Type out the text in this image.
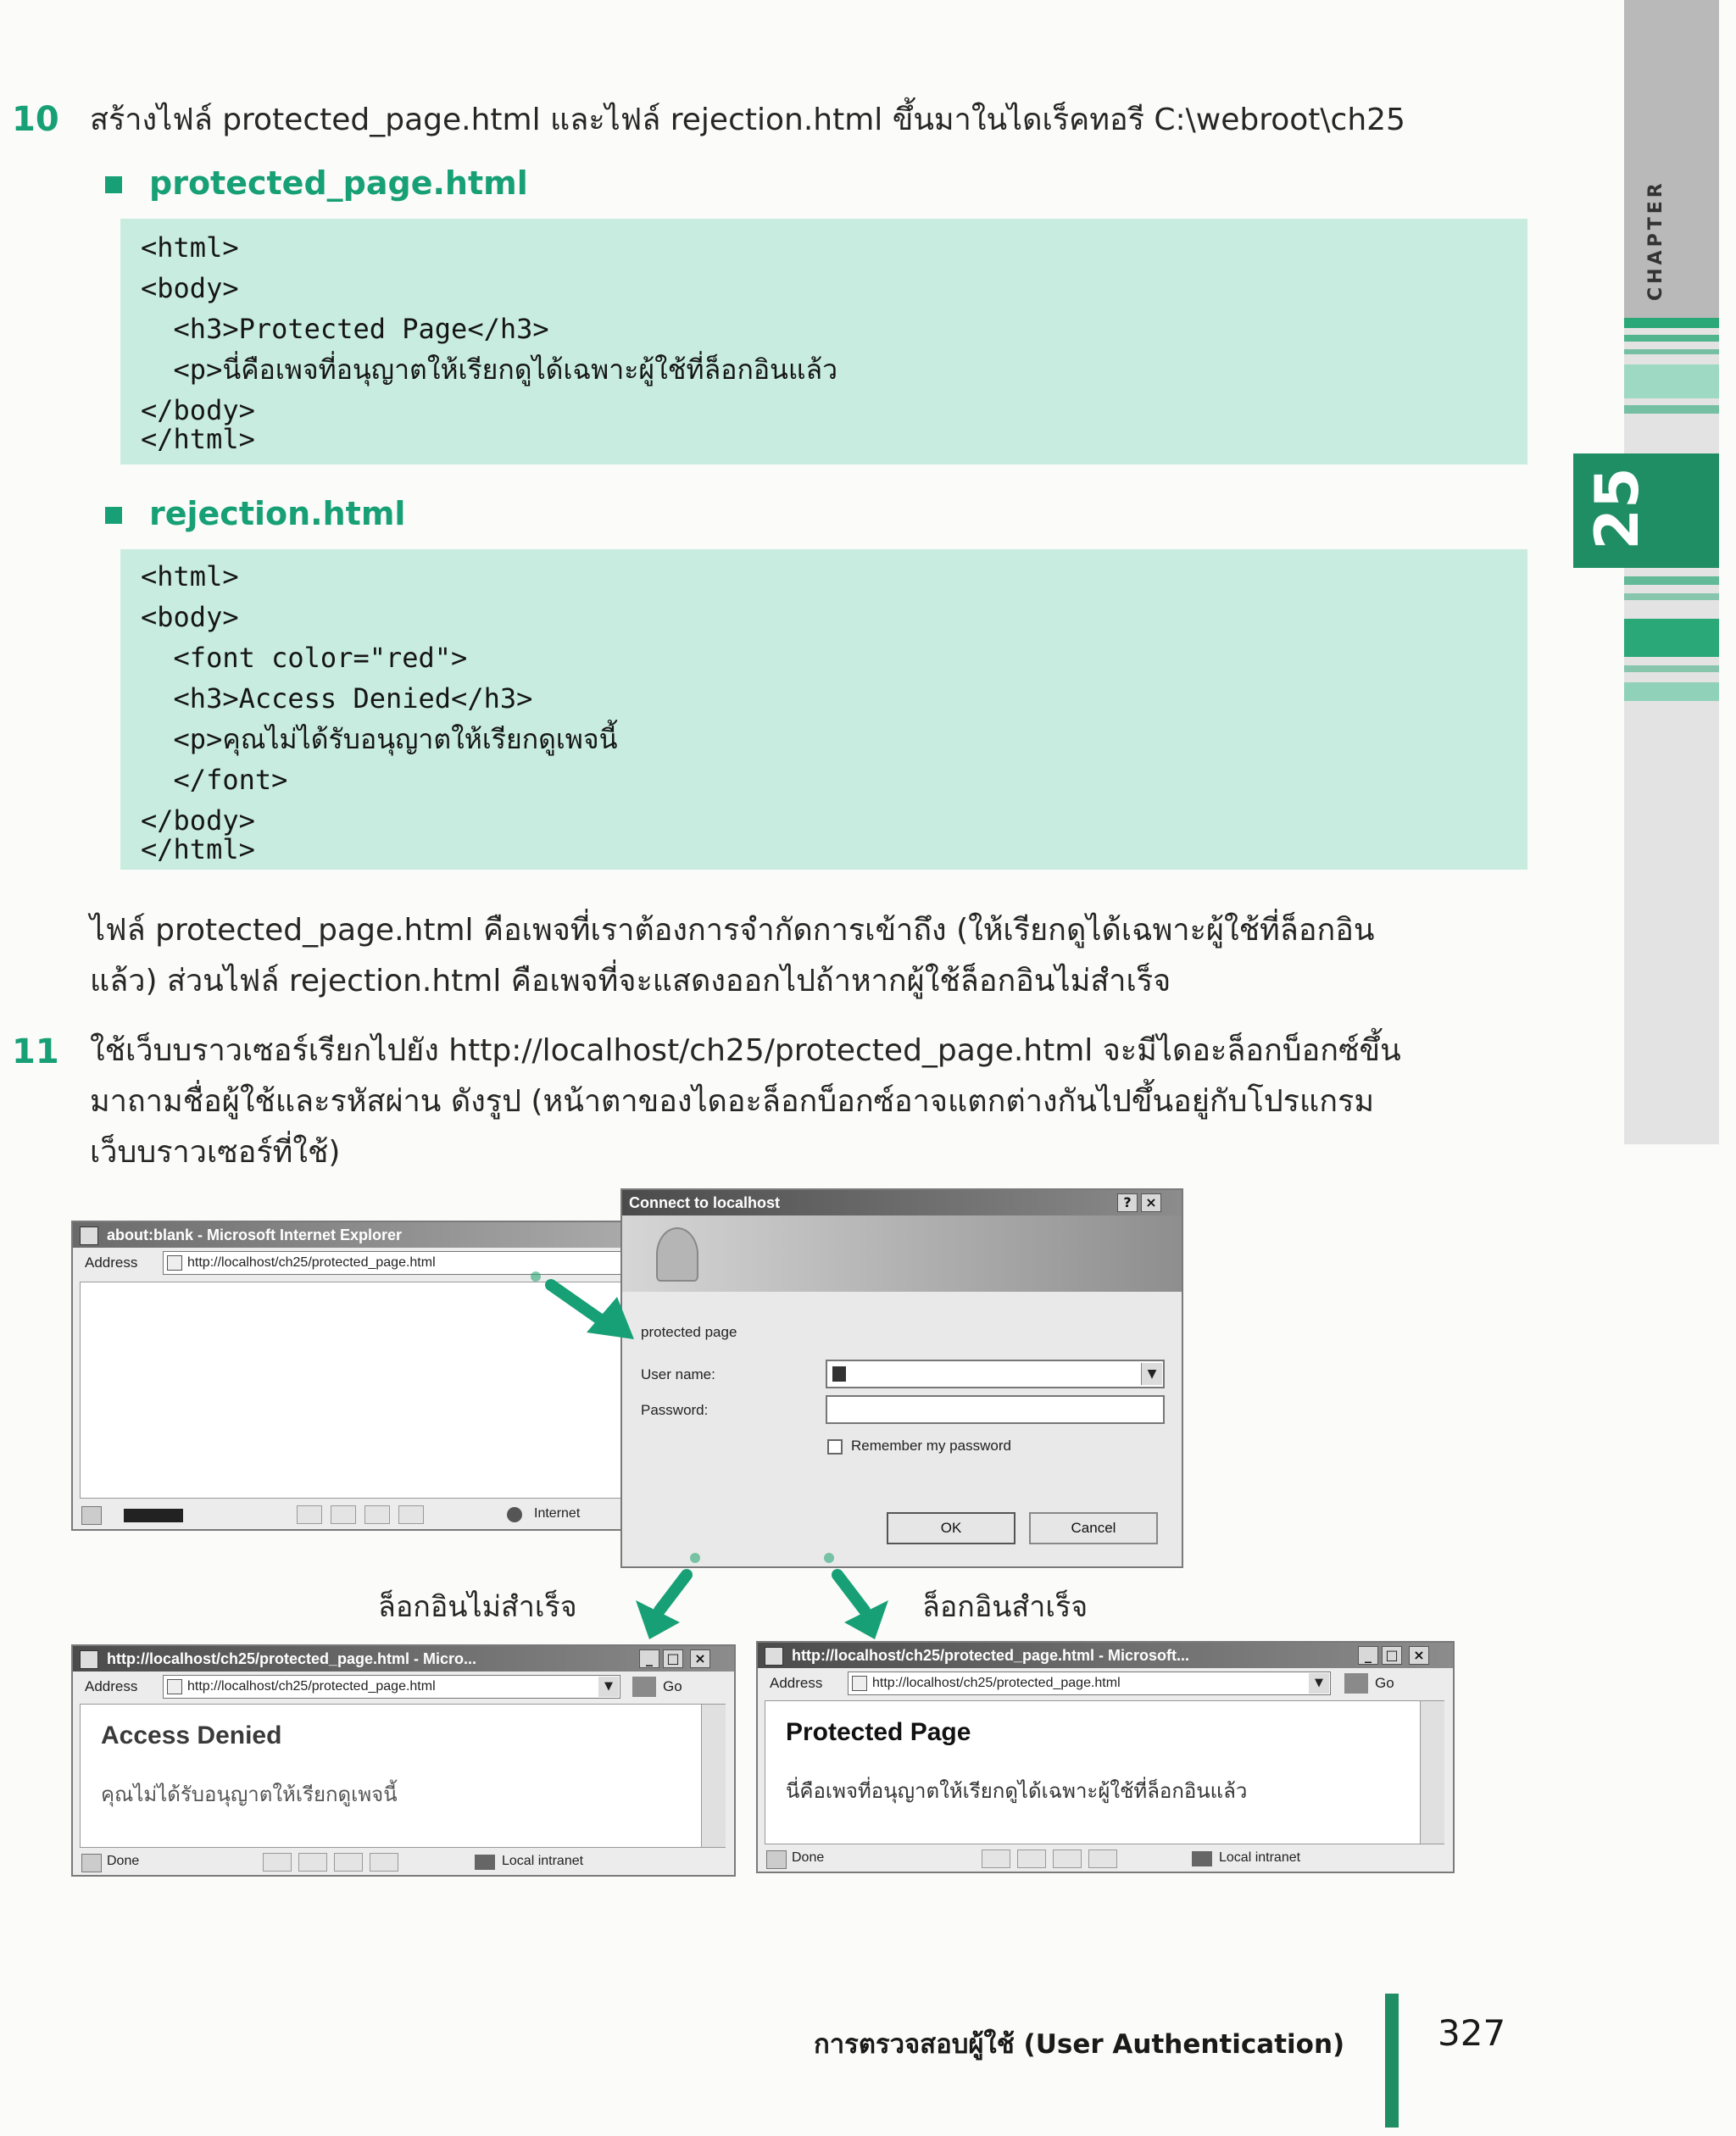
CHAPTER
25
10 สร้างไฟล์ protected_page.html และไฟล์ rejection.html ขึ้นมาในไดเร็คทอรี C:\webroot\ch25
protected_page.html
<html>
<body>
<h3>Protected Page</h3>
<p>นี่คือเพจที่อนุญาตให้เรียกดูได้เฉพาะผู้ใช้ที่ล็อกอินแล้ว
</body>
</html>
rejection.html
<html>
<body>
<font color="red">
<h3>Access Denied</h3>
<p>คุณไม่ได้รับอนุญาตให้เรียกดูเพจนี้
</font>
</body>
</html>
ไฟล์ protected_page.html คือเพจที่เราต้องการจำกัดการเข้าถึง (ให้เรียกดูได้เฉพาะผู้ใช้ที่ล็อกอิน
แล้ว) ส่วนไฟล์ rejection.html คือเพจที่จะแสดงออกไปถ้าหากผู้ใช้ล็อกอินไม่สำเร็จ
11 ใช้เว็บบราวเซอร์เรียกไปยัง http://localhost/ch25/protected_page.html จะมีไดอะล็อกบ็อกซ์ขึ้น
มาถามชื่อผู้ใช้และรหัสผ่าน ดังรูป (หน้าตาของไดอะล็อกบ็อกซ์อาจแตกต่างกันไปขึ้นอยู่กับโปรแกรม
เว็บบราวเซอร์ที่ใช้)
about:blank - Microsoft Internet Explorer
Address	http://localhost/ch25/protected_page.html
Internet
Connect to localhost	?	×
protected page
User name:	▼
Password:
Remember my password
OK	Cancel
ล็อกอินไม่สำเร็จ	ล็อกอินสำเร็จ
http://localhost/ch25/protected_page.html - Micro...	_	□	×
Address	http://localhost/ch25/protected_page.html	▼	Go
Access Denied
คุณไม่ได้รับอนุญาตให้เรียกดูเพจนี้
Done	Local intranet
http://localhost/ch25/protected_page.html - Microsoft...	_	□	×
Address	http://localhost/ch25/protected_page.html	▼	Go
Protected Page
นี่คือเพจที่อนุญาตให้เรียกดูได้เฉพาะผู้ใช้ที่ล็อกอินแล้ว
Done	Local intranet
การตรวจสอบผู้ใช้ (User Authentication)	327
